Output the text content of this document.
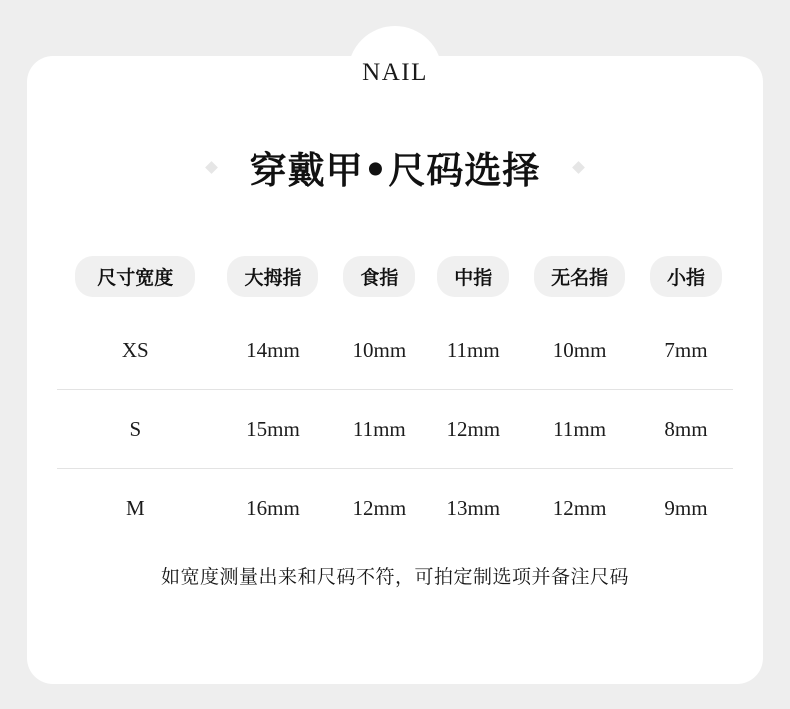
NAIL
穿戴甲•尺码选择
尺寸宽度	大拇指	食指	中指	无名指	小指
XS	14mm	10mm	11mm	10mm	7mm

S	15mm	11mm	12mm	11mm	8mm

M	16mm	12mm	13mm	12mm	9mm
如宽度测量出来和尺码不符，可拍定制选项并备注尺码
